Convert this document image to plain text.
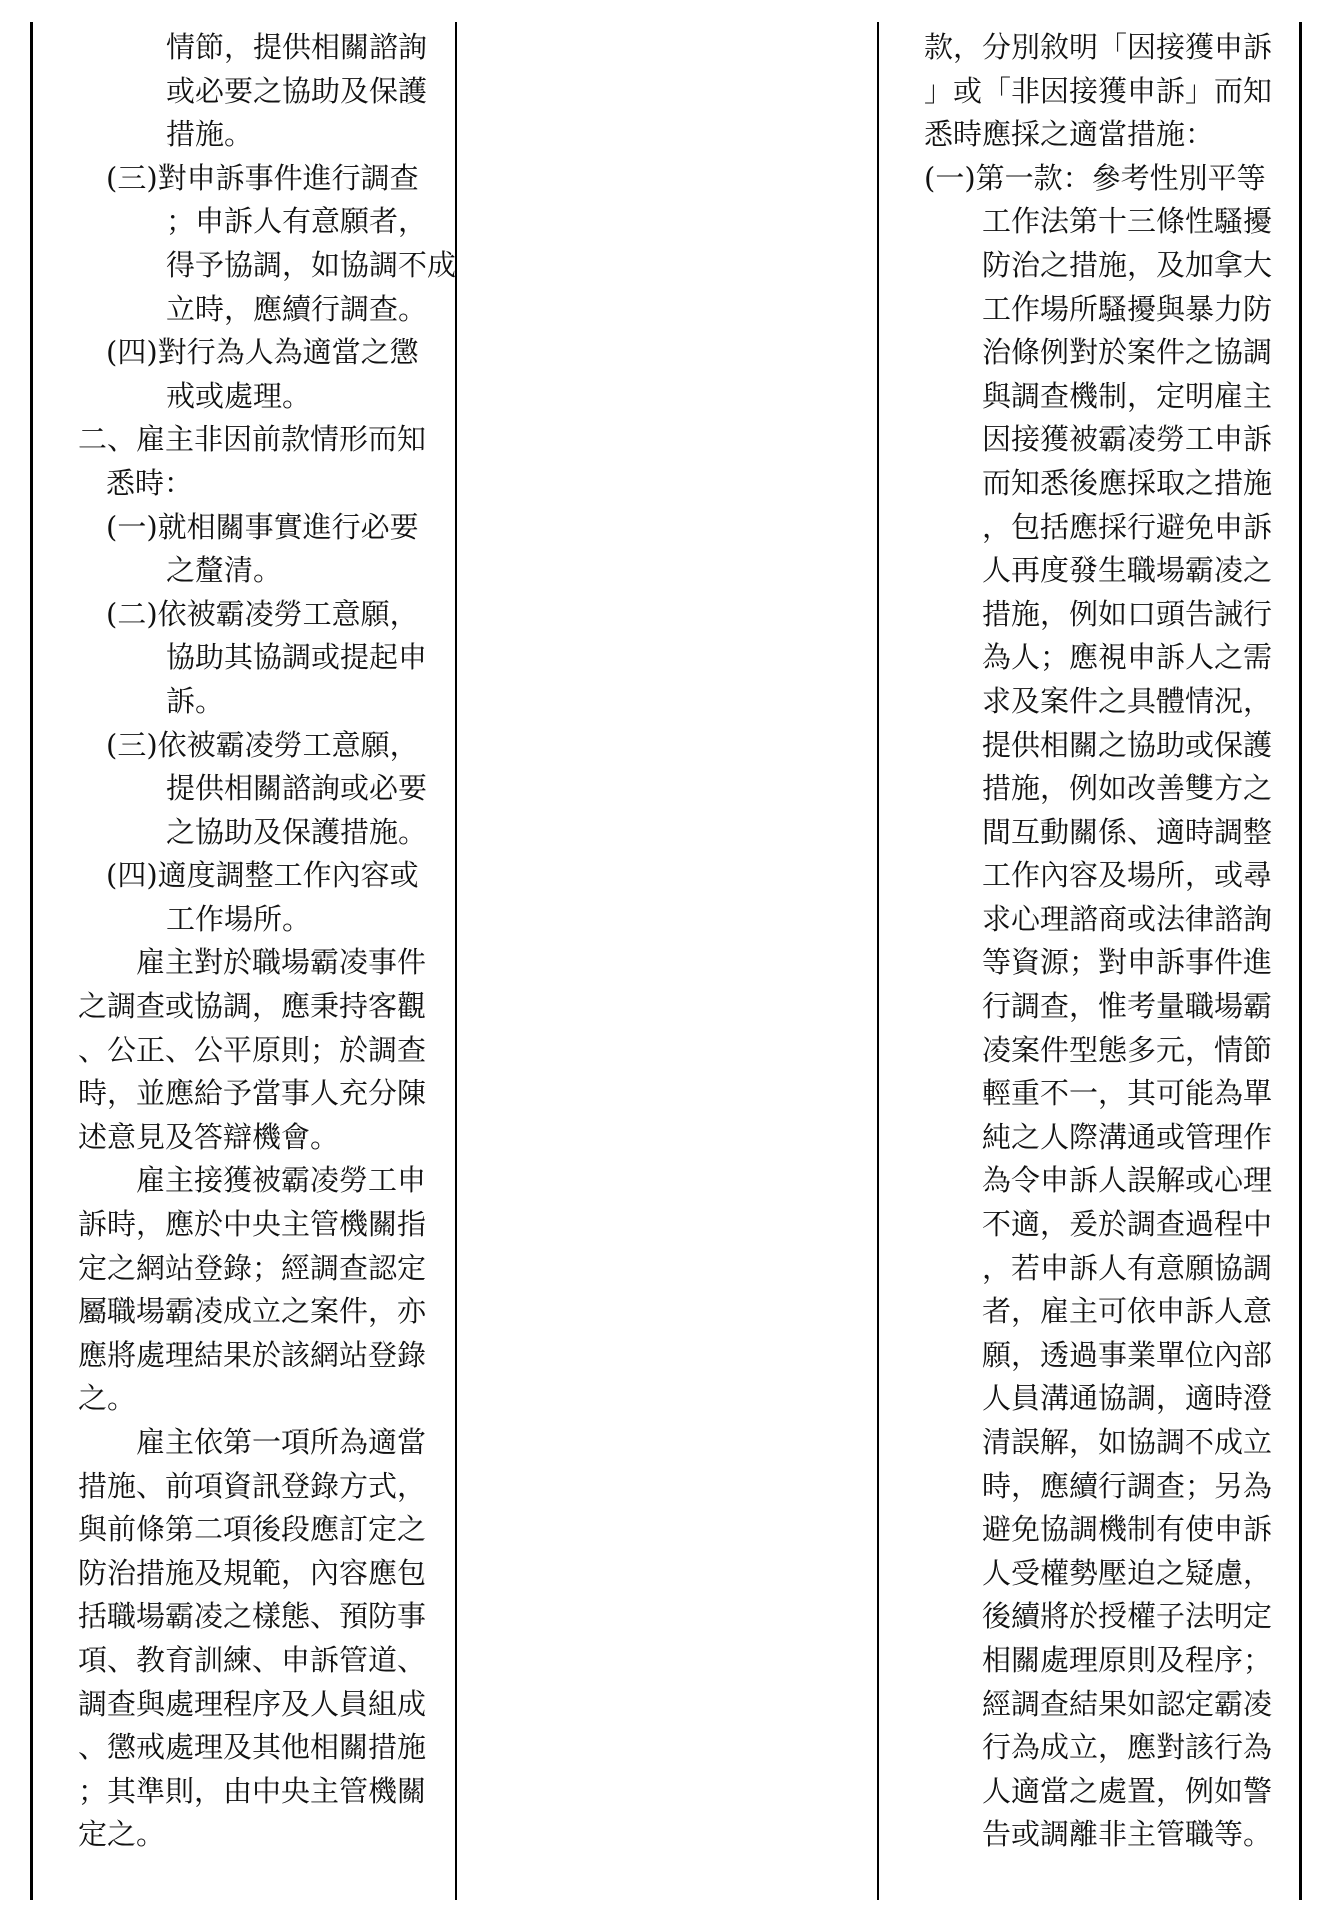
情節，提供相關諮詢
或必要之協助及保護
措施。
(三)對申訴事件進行調查
；申訴人有意願者，
得予協調，如協調不成
立時，應續行調查。
(四)對行為人為適當之懲
戒或處理。
二、雇主非因前款情形而知
悉時：
(一)就相關事實進行必要
之釐清。
(二)依被霸凌勞工意願，
協助其協調或提起申
訴。
(三)依被霸凌勞工意願，
提供相關諮詢或必要
之協助及保護措施。
(四)適度調整工作內容或
工作場所。
雇主對於職場霸凌事件
之調查或協調，應秉持客觀
、公正、公平原則；於調查
時，並應給予當事人充分陳
述意見及答辯機會。
雇主接獲被霸凌勞工申
訴時，應於中央主管機關指
定之網站登錄；經調查認定
屬職場霸凌成立之案件，亦
應將處理結果於該網站登錄
之。
雇主依第一項所為適當
措施、前項資訊登錄方式，
與前條第二項後段應訂定之
防治措施及規範，內容應包
括職場霸凌之樣態、預防事
項、教育訓練、申訴管道、
調查與處理程序及人員組成
、懲戒處理及其他相關措施
；其準則，由中央主管機關
定之。
款，分別敘明「因接獲申訴
」或「非因接獲申訴」而知
悉時應採之適當措施：
(一)第一款：參考性別平等
工作法第十三條性騷擾
防治之措施，及加拿大
工作場所騷擾與暴力防
治條例對於案件之協調
與調查機制，定明雇主
因接獲被霸凌勞工申訴
而知悉後應採取之措施
，包括應採行避免申訴
人再度發生職場霸凌之
措施，例如口頭告誡行
為人；應視申訴人之需
求及案件之具體情況，
提供相關之協助或保護
措施，例如改善雙方之
間互動關係、適時調整
工作內容及場所，或尋
求心理諮商或法律諮詢
等資源；對申訴事件進
行調查，惟考量職場霸
凌案件型態多元，情節
輕重不一，其可能為單
純之人際溝通或管理作
為令申訴人誤解或心理
不適，爰於調查過程中
，若申訴人有意願協調
者，雇主可依申訴人意
願，透過事業單位內部
人員溝通協調，適時澄
清誤解，如協調不成立
時，應續行調查；另為
避免協調機制有使申訴
人受權勢壓迫之疑慮，
後續將於授權子法明定
相關處理原則及程序；
經調查結果如認定霸凌
行為成立，應對該行為
人適當之處置，例如警
告或調離非主管職等。
